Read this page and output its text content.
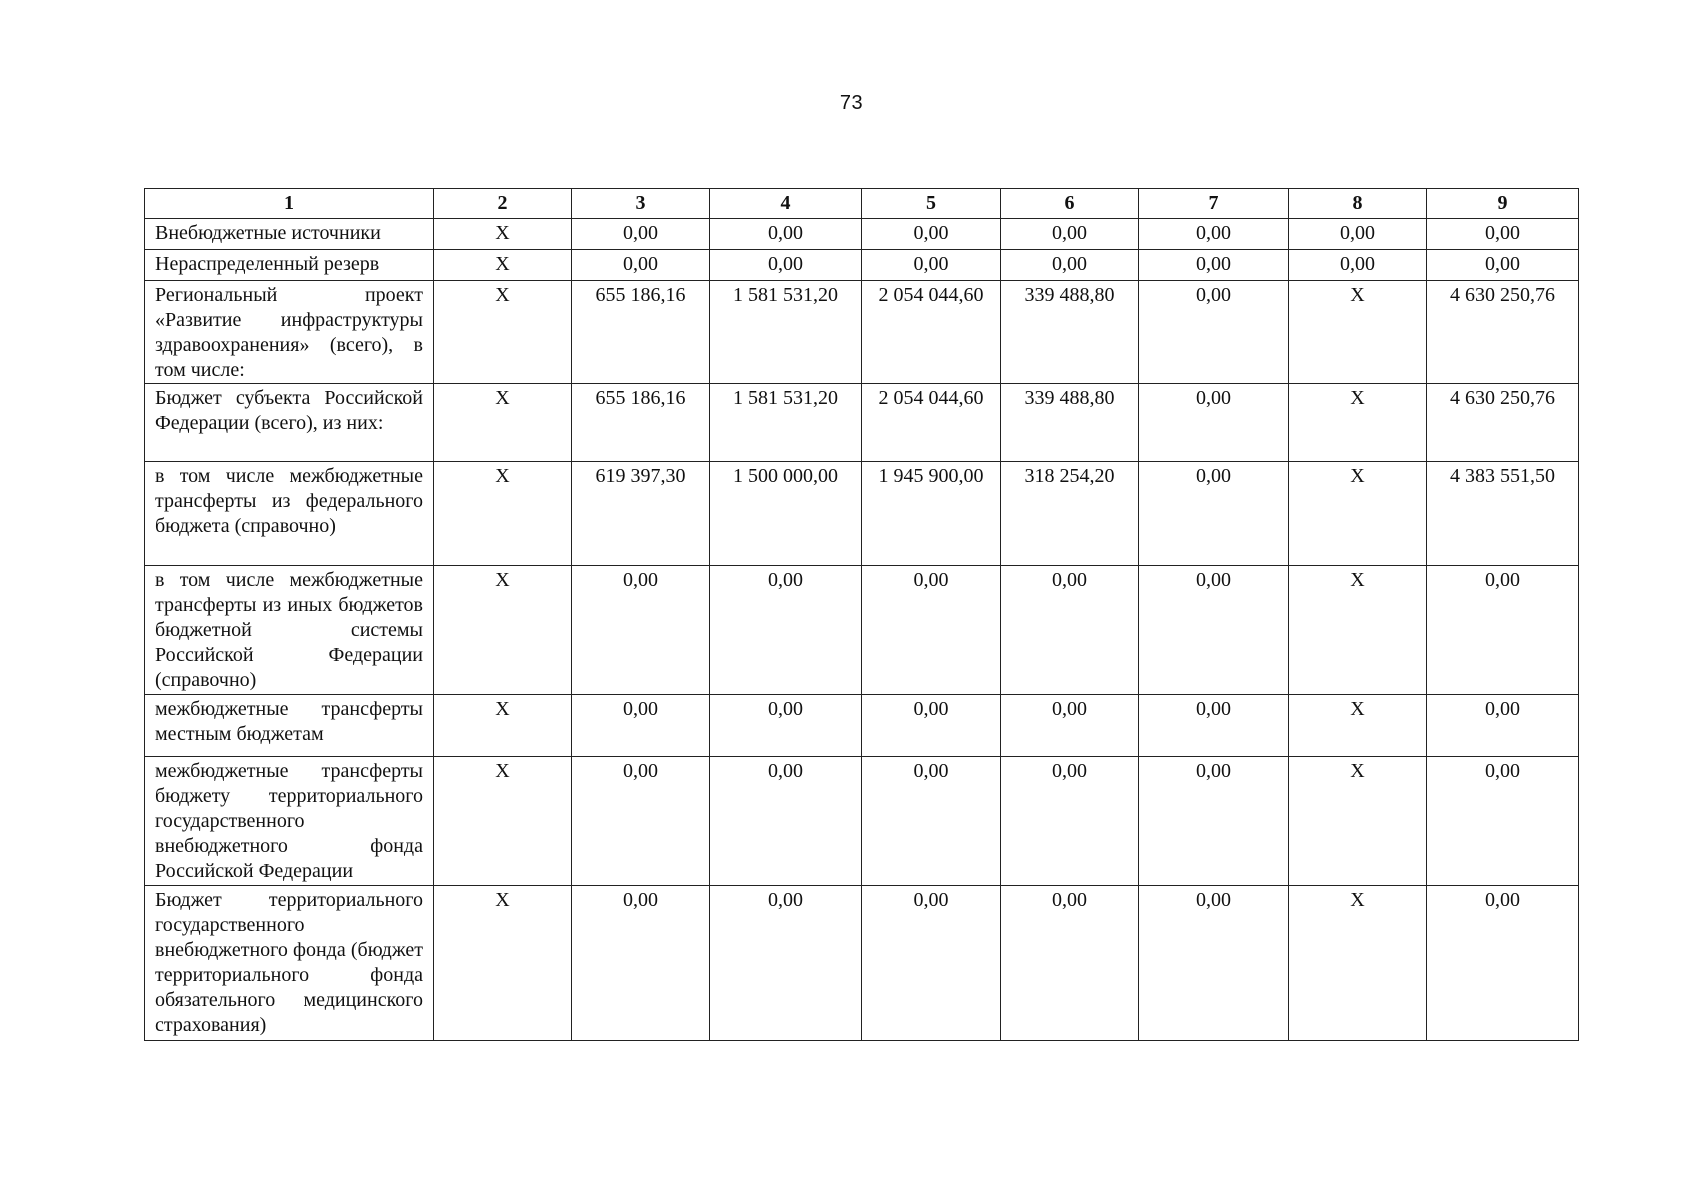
73
1	2	3	4	5	6	7	8	9
Внебюджетные источники	X	0,00	0,00	0,00	0,00	0,00	0,00	0,00
Нераспределенный резерв	X	0,00	0,00	0,00	0,00	0,00	0,00	0,00
Региональный проект «Развитие инфраструктуры здравоохранения» (всего), в том числе:	X	655 186,16	1 581 531,20	2 054 044,60	339 488,80	0,00	X	4 630 250,76
Бюджет субъекта Российской Федерации (всего), из них:	X	655 186,16	1 581 531,20	2 054 044,60	339 488,80	0,00	X	4 630 250,76
в том числе межбюджетные трансферты из федерального бюджета (справочно)	X	619 397,30	1 500 000,00	1 945 900,00	318 254,20	0,00	X	4 383 551,50
в том числе межбюджетные трансферты из иных бюджетов бюджетной системы Российской Федерации (справочно)	X	0,00	0,00	0,00	0,00	0,00	X	0,00
межбюджетные трансферты местным бюджетам	X	0,00	0,00	0,00	0,00	0,00	X	0,00
межбюджетные трансферты бюджету территориального государственного внебюджетного фонда Российской Федерации	X	0,00	0,00	0,00	0,00	0,00	X	0,00
Бюджет территориального государственного внебюджетного фонда (бюджет территориального фонда обязательного медицинского страхования)	X	0,00	0,00	0,00	0,00	0,00	X	0,00
